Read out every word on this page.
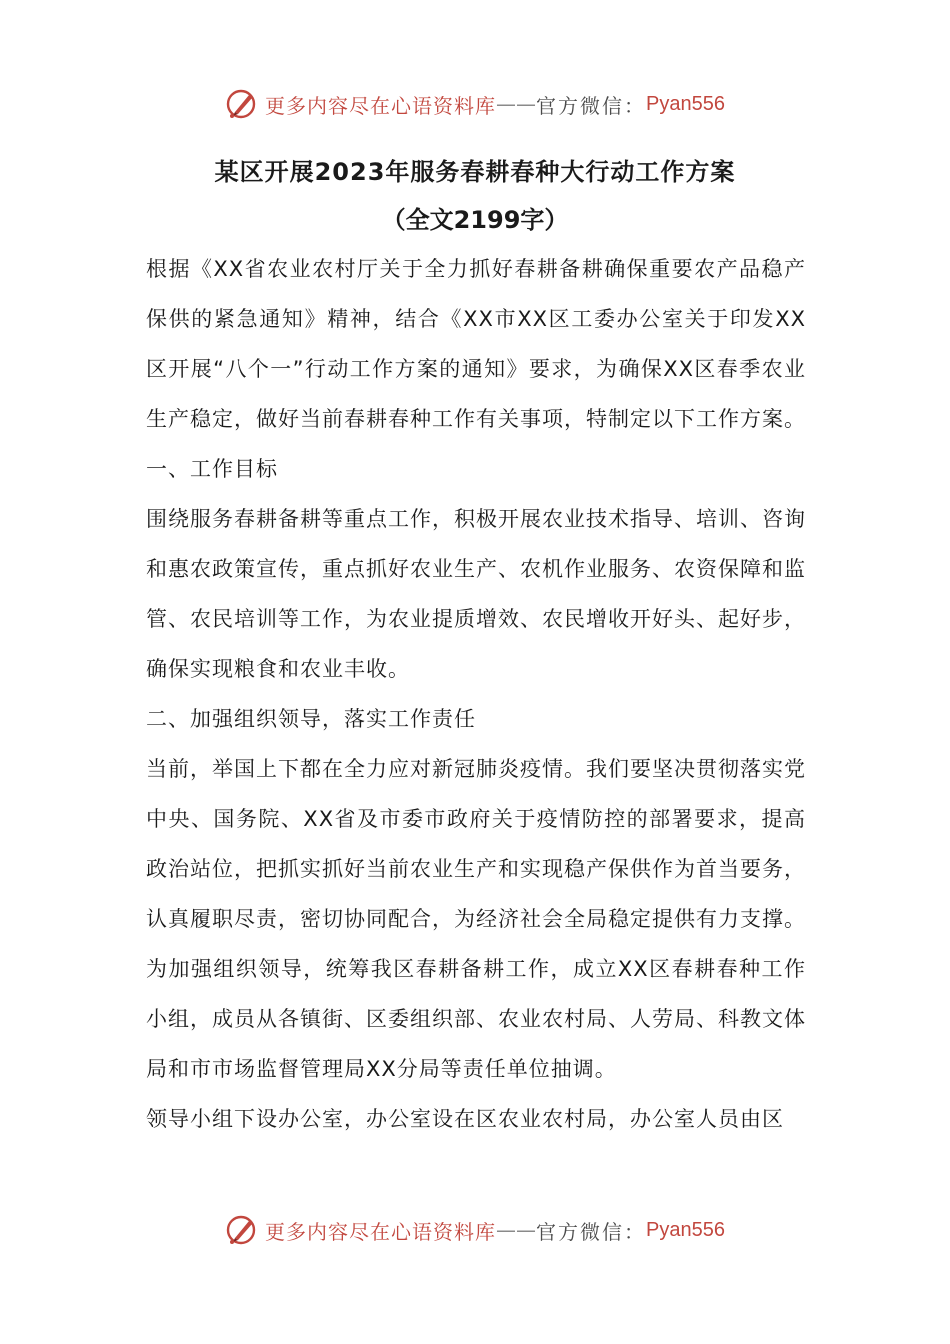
更多内容尽在心语资料库 —— 官方微信： Pyan556
某区开展2023年服务春耕春种大行动工作方案
（全文2199字）

根据《XX省农业农村厅关于全力抓好春耕备耕确保重要农产品稳产保供的紧急通知》精神，结合《XX市XX区工委办公室关于印发XX区开展“八个一”行动工作方案的通知》要求，为确保XX区春季农业生产稳定，做好当前春耕春种工作有关事项，特制定以下工作方案。

一、工作目标

围绕服务春耕备耕等重点工作，积极开展农业技术指导、培训、咨询和惠农政策宣传，重点抓好农业生产、农机作业服务、农资保障和监管、农民培训等工作，为农业提质增效、农民增收开好头、起好步，确保实现粮食和农业丰收。

二、加强组织领导，落实工作责任

当前，举国上下都在全力应对新冠肺炎疫情。我们要坚决贯彻落实党中央、国务院、XX省及市委市政府关于疫情防控的部署要求，提高政治站位，把抓实抓好当前农业生产和实现稳产保供作为首当要务，认真履职尽责，密切协同配合，为经济社会全局稳定提供有力支撑。为加强组织领导，统筹我区春耕备耕工作，成立XX区春耕春种工作小组，成员从各镇街、区委组织部、农业农村局、人劳局、科教文体局和市市场监督管理局XX分局等责任单位抽调。

领导小组下设办公室，办公室设在区农业农村局，办公室人员由区

更多内容尽在心语资料库 —— 官方微信： Pyan556
